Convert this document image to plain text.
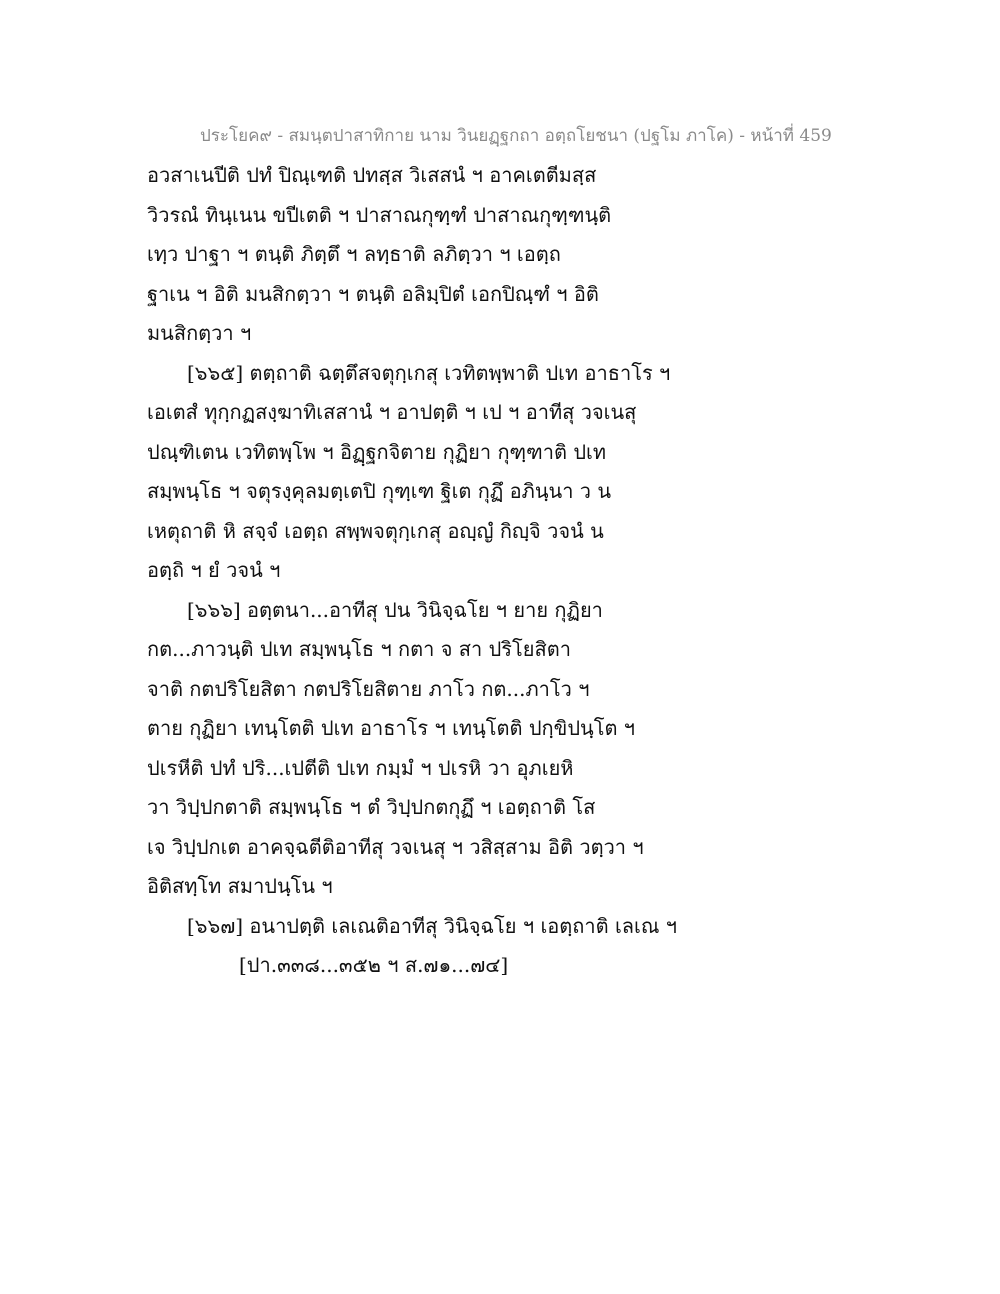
ประโยค๙ - สมนฺตปาสาทิกาย นาม วินยฏฺฐกถา อตฺถโยชนา (ปฐโม ภาโค) - หน้าที่ 459
อวสาเนปีติ ปทํ ปิณฺเฑติ ปทสฺส วิเสสนํ ฯ อาคเตตีมสฺส
วิวรณํ ทินฺเนน ขปีเตติ ฯ ปาสาณกุฑฺฑํ ปาสาณกุฑฺฑนฺติ
เทฺว ปาฐา ฯ ตนฺติ ภิตฺตึ ฯ ลทฺธาติ ลภิตฺวา ฯ เอตฺถ
ฐาเน ฯ อิติ มนสิกตฺวา ฯ ตนฺติ อลิมฺปิตํ เอกปิณฺฑํ ฯ อิติ
มนสิกตฺวา ฯ
[๖๖๕] ตตฺถาติ ฉตฺตึสจตุกฺเกสุ เวทิตพฺพาติ ปเท อาธาโร ฯ
เอเตสํ ทุกฺกฏสงฺฆาทิเสสานํ ฯ อาปตฺติ ฯ เป ฯ อาทีสุ วจเนสุ
ปณฺฑิเตน เวทิตพฺโพ ฯ อิฏฺฐกจิตาย กุฏิยา กุฑฺฑาติ ปเท
สมฺพนฺโธ ฯ จตุรงฺคุลมตฺเตปิ กุฑฺเฑ ฐิเต กุฏึ อภินฺนา ว น
เหตุถาติ หิ สจฺจํ เอตฺถ สพฺพจตุกฺเกสุ อญฺญํ กิญฺจิ วจนํ น
อตฺถิ ฯ ยํ วจนํ ฯ
[๖๖๖] อตฺตนา...อาทีสุ ปน วินิจฺฉโย ฯ ยาย กุฏิยา
กต...ภาวนฺติ ปเท สมฺพนฺโธ ฯ กตา จ สา ปริโยสิตา
จาติ กตปริโยสิตา กตปริโยสิตาย ภาโว กต...ภาโว ฯ
ตาย กุฏิยา เทนฺโตติ ปเท อาธาโร ฯ เทนฺโตติ ปกฺขิปนฺโต ฯ
ปเรหีติ ปทํ ปริ...เปตีติ ปเท กมฺมํ ฯ ปเรหิ วา อุภเยหิ
วา วิปฺปกตาติ สมฺพนฺโธ ฯ ตํ วิปฺปกตกุฏึ ฯ เอตฺถาติ โส
เจ วิปฺปกเต อาคจฺฉตีติอาทีสุ วจเนสุ ฯ วสิสฺสาม อิติ วตฺวา ฯ
อิติสทฺโท สมาปนฺโน ฯ
[๖๖๗] อนาปตฺติ เลเณติอาทีสุ วินิจฺฉโย ฯ เอตฺถาติ เลเณ ฯ
[ปา.๓๓๘...๓๕๒ ฯ ส.๗๑...๗๔]
